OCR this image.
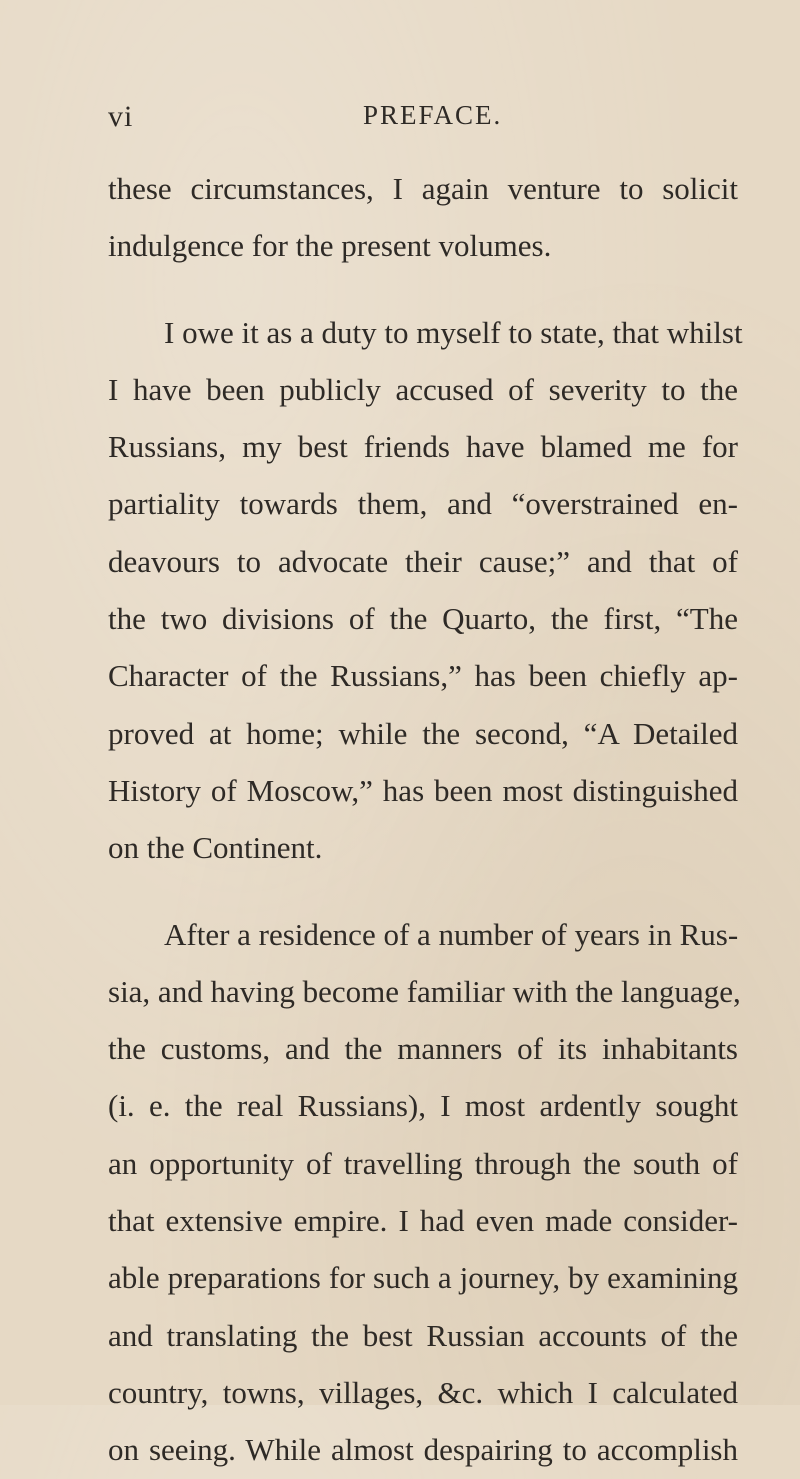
vi	PREFACE.
these circumstances, I again venture to solicit
indulgence for the present volumes.
I owe it as a duty to myself to state, that whilst
I have been publicly accused of severity to the
Russians, my best friends have blamed me for
partiality towards them, and “overstrained en-
deavours to advocate their cause;” and that of
the two divisions of the Quarto, the first, “The
Character of the Russians,” has been chiefly ap-
proved at home; while the second, “A Detailed
History of Moscow,” has been most distinguished
on the Continent.
After a residence of a number of years in Rus-
sia, and having become familiar with the language,
the customs, and the manners of its inhabitants
(i. e. the real Russians), I most ardently sought
an opportunity of travelling through the south of
that extensive empire. I had even made consider-
able preparations for such a journey, by examining
and translating the best Russian accounts of the
country, towns, villages, &c. which I calculated
on seeing. While almost despairing to accomplish
